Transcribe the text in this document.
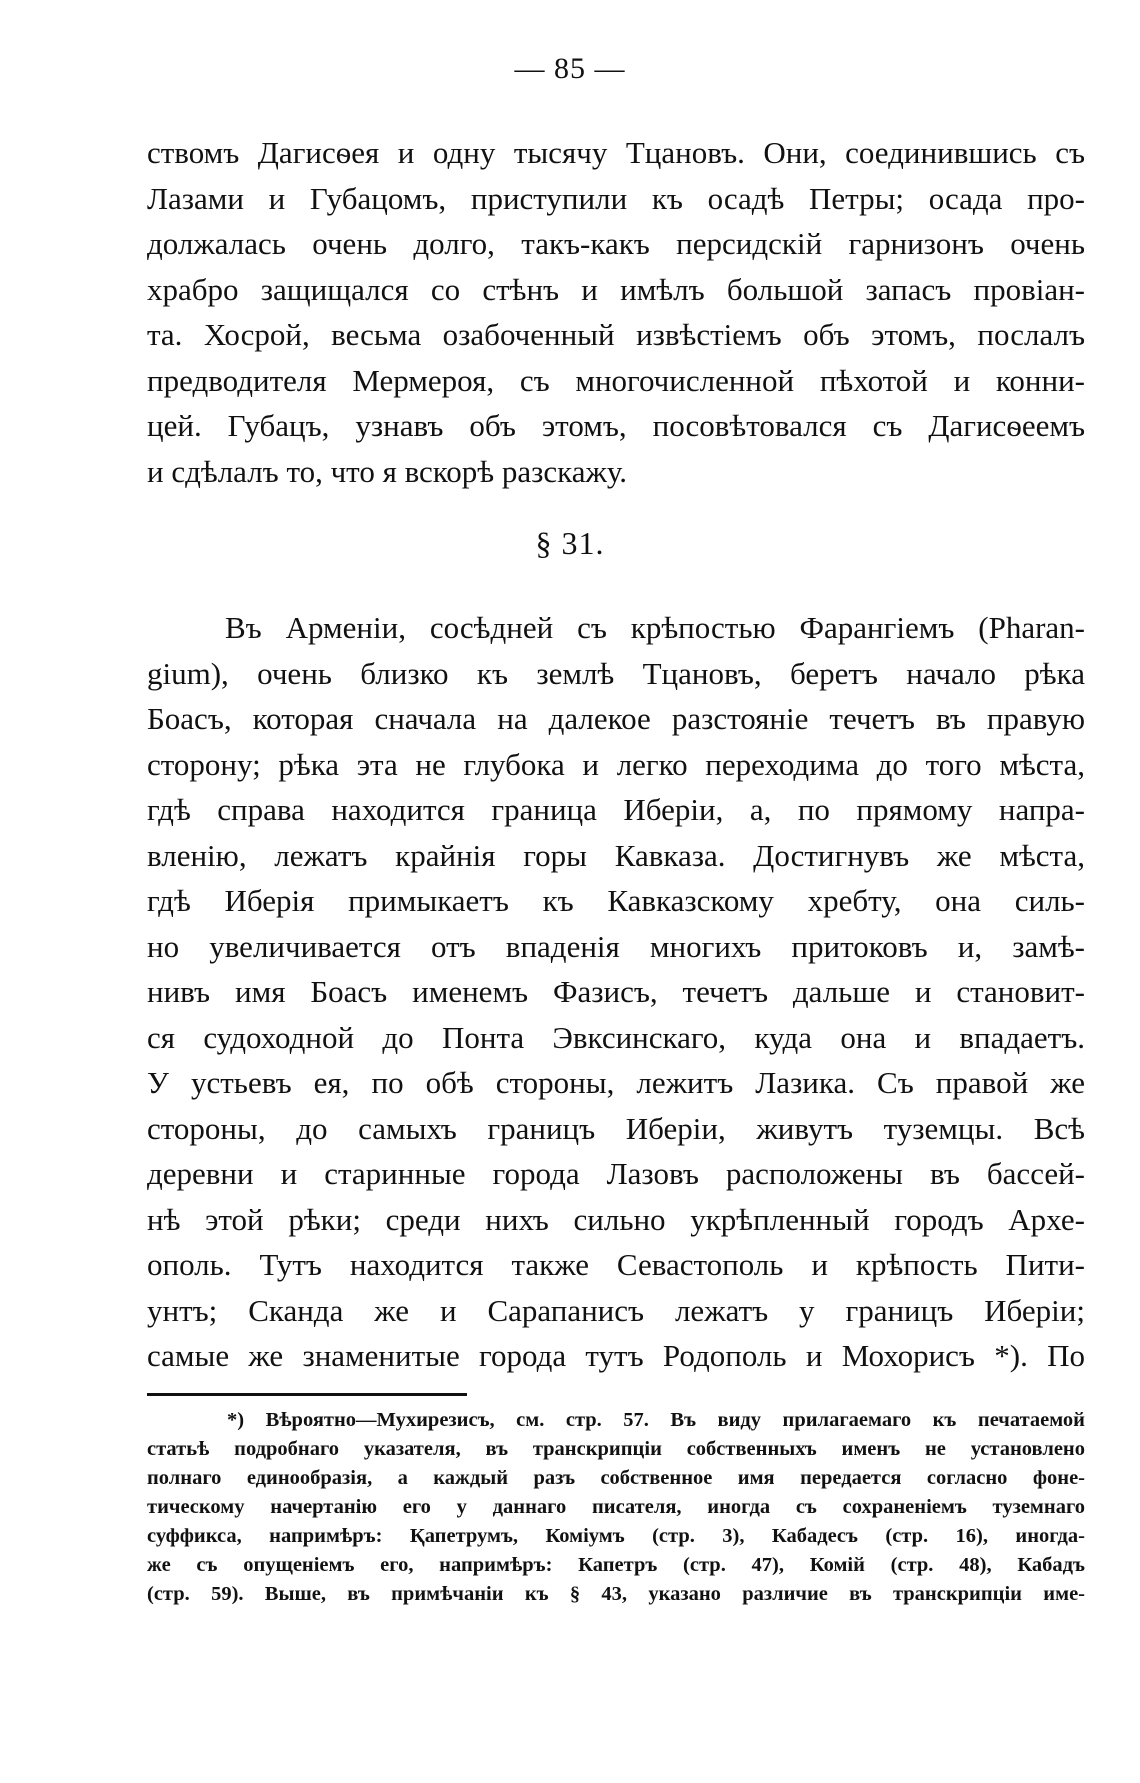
— 85 —
ствомъ Дагисѳея и одну тысячу Тцановъ. Они, соединившись съ
Лазами и Губацомъ, приступили къ осадѣ Петры; осада про-
должалась очень долго, такъ-какъ персидскій гарнизонъ очень
храбро защищался со стѣнъ и имѣлъ большой запасъ провіан-
та. Хосрой, весьма озабоченный извѣстіемъ объ этомъ, послалъ
предводителя Мермероя, съ многочисленной пѣхотой и конни-
цей. Губацъ, узнавъ объ этомъ, посовѣтовался съ Дагисѳеемъ
и сдѣлалъ то, что я вскорѣ разскажу.
§ 31.
Въ Арменіи, сосѣдней съ крѣпостью Фарангіемъ (Pharan-
gium), очень близко къ землѣ Тцановъ, беретъ начало рѣка
Боасъ, которая сначала на далекое разстояніе течетъ въ правую
сторону; рѣка эта не глубока и легко переходима до того мѣста,
гдѣ справа находится граница Иберіи, а, по прямому напра-
вленію, лежатъ крайнія горы Кавказа. Достигнувъ же мѣста,
гдѣ Иберія примыкаетъ къ Кавказскому хребту, она силь-
но увеличивается отъ впаденія многихъ притоковъ и, замѣ-
нивъ имя Боасъ именемъ Фазисъ, течетъ дальше и становит-
ся судоходной до Понта Эвксинскаго, куда она и впадаетъ.
У устьевъ ея, по обѣ стороны, лежитъ Лазика. Съ правой же
стороны, до самыхъ границъ Иберіи, живутъ туземцы. Всѣ
деревни и старинные города Лазовъ расположены въ бассей-
нѣ этой рѣки; среди нихъ сильно укрѣпленный городъ Архе-
ополь. Тутъ находится также Севастополь и крѣпость Пити-
унтъ; Сканда же и Сарапанисъ лежатъ у границъ Иберіи;
самые же знаменитые города тутъ Родополь и Мохорисъ *). По
*) Вѣроятно—Мухирезисъ, см. стр. 57. Въ виду прилагаемаго къ печатаемой
статьѣ подробнаго указателя, въ транскрипціи собственныхъ именъ не установлено
полнаго единообразія, а каждый разъ собственное имя передается согласно фоне-
тическому начертанію его у даннаго писателя, иногда съ сохраненіемъ туземнаго
суффикса, напримѣръ: Қапетрумъ, Коміумъ (стр. 3), Кабадесъ (стр. 16), иногда-
же съ опущеніемъ его, напримѣръ: Капетръ (стр. 47), Комій (стр. 48), Кабадъ
(стр. 59). Выше, въ примѣчаніи къ § 43, указано различие въ транскрипціи име-
